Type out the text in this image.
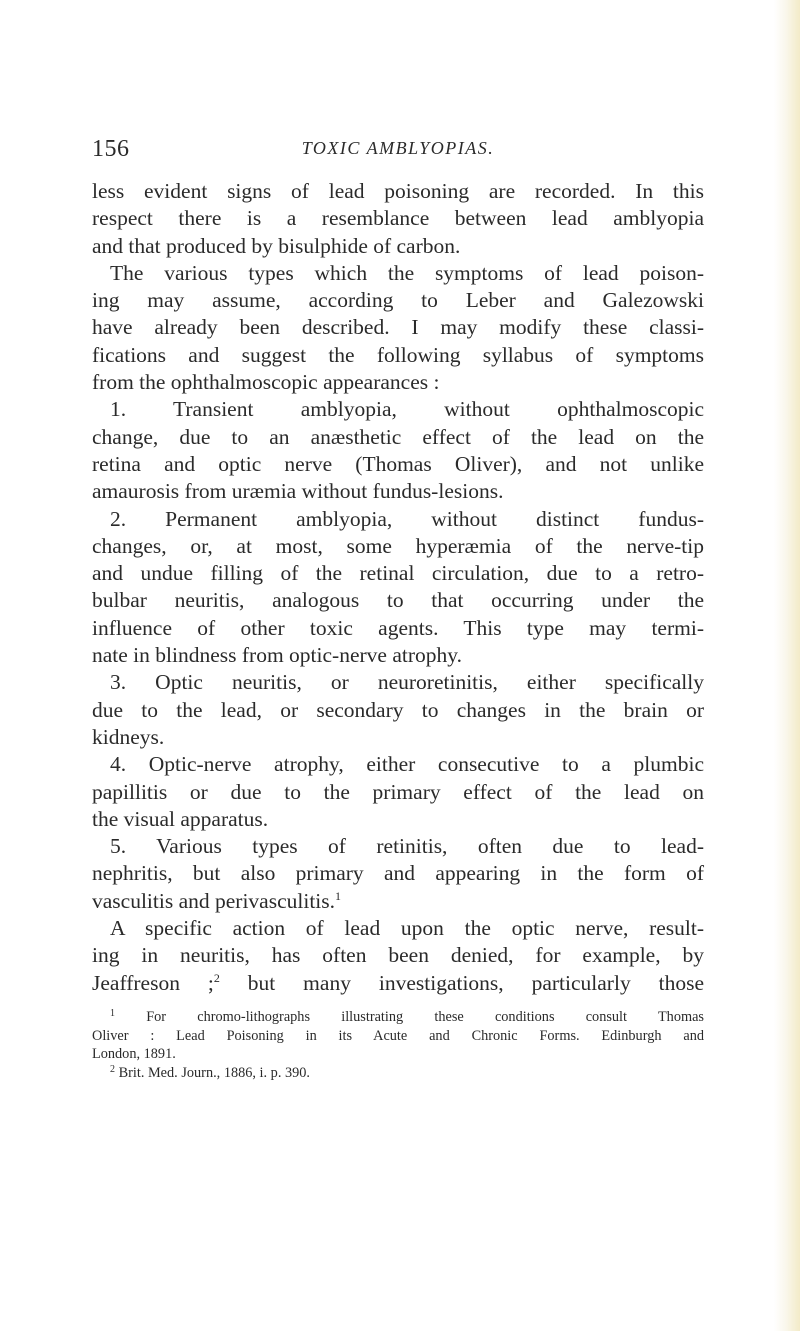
156	TOXIC AMBLYOPIAS.
less evident signs of lead poisoning are recorded. In this
respect there is a resemblance between lead amblyopia
and that produced by bisulphide of carbon.
The various types which the symptoms of lead poison-
ing may assume, according to Leber and Galezowski
have already been described. I may modify these classi-
fications and suggest the following syllabus of symptoms
from the ophthalmoscopic appearances :
1. Transient amblyopia, without ophthalmoscopic
change, due to an anæsthetic effect of the lead on the
retina and optic nerve (Thomas Oliver), and not unlike
amaurosis from uræmia without fundus-lesions.
2. Permanent amblyopia, without distinct fundus-
changes, or, at most, some hyperæmia of the nerve-tip
and undue filling of the retinal circulation, due to a retro-
bulbar neuritis, analogous to that occurring under the
influence of other toxic agents. This type may termi-
nate in blindness from optic-nerve atrophy.
3. Optic neuritis, or neuroretinitis, either specifically
due to the lead, or secondary to changes in the brain or
kidneys.
4. Optic-nerve atrophy, either consecutive to a plumbic
papillitis or due to the primary effect of the lead on
the visual apparatus.
5. Various types of retinitis, often due to lead-
nephritis, but also primary and appearing in the form of
vasculitis and perivasculitis.$^1$
A specific action of lead upon the optic nerve, result-
ing in neuritis, has often been denied, for example, by
Jeaffreson ;$^2$ but many investigations, particularly those
$^1$ For chromo-lithographs illustrating these conditions consult Thomas
Oliver : Lead Poisoning in its Acute and Chronic Forms. Edinburgh and
London, 1891.
$^2$ Brit. Med. Journ., 1886, i. p. 390.
